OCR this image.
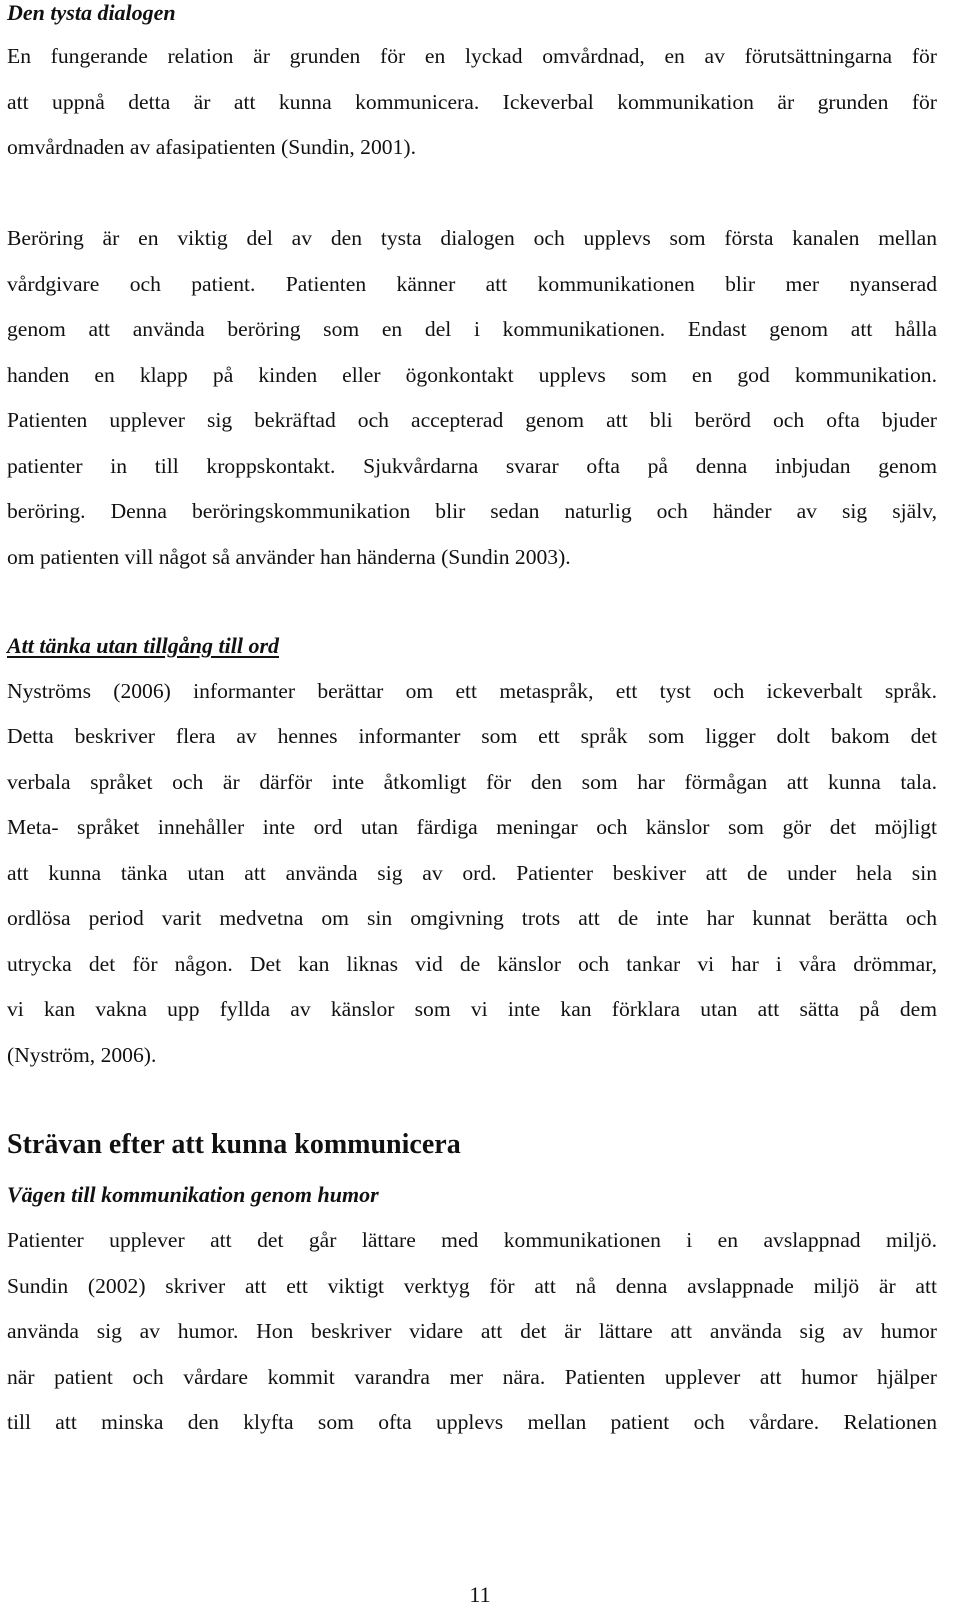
Den tysta dialogen
En fungerande relation är grunden för en lyckad omvårdnad, en av förutsättningarna för
att uppnå detta är att kunna kommunicera. Ickeverbal kommunikation är grunden för
omvårdnaden av afasipatienten (Sundin, 2001).
Beröring är en viktig del av den tysta dialogen och upplevs som första kanalen mellan
vårdgivare och patient. Patienten känner att kommunikationen blir mer nyanserad
genom att använda beröring som en del i kommunikationen. Endast genom att hålla
handen en klapp på kinden eller ögonkontakt upplevs som en god kommunikation.
Patienten upplever sig bekräftad och accepterad genom att bli berörd och ofta bjuder
patienter in till kroppskontakt. Sjukvårdarna svarar ofta på denna inbjudan genom
beröring. Denna beröringskommunikation blir sedan naturlig och händer av sig själv,
om patienten vill något så använder han händerna (Sundin 2003).
Att tänka utan tillgång till ord
Nyströms (2006) informanter berättar om ett metaspråk, ett tyst och ickeverbalt språk.
Detta beskriver flera av hennes informanter som ett språk som ligger dolt bakom det
verbala språket och är därför inte åtkomligt för den som har förmågan att kunna tala.
Meta- språket innehåller inte ord utan färdiga meningar och känslor som gör det möjligt
att kunna tänka utan att använda sig av ord. Patienter beskiver att de under hela sin
ordlösa period varit medvetna om sin omgivning trots att de inte har kunnat berätta och
utrycka det för någon. Det kan liknas vid de känslor och tankar vi har i våra drömmar,
vi kan vakna upp fyllda av känslor som vi inte kan förklara utan att sätta på dem
(Nyström, 2006).
Strävan efter att kunna kommunicera
Vägen till kommunikation genom humor
Patienter upplever att det går lättare med kommunikationen i en avslappnad miljö.
Sundin (2002) skriver att ett viktigt verktyg för att nå denna avslappnade miljö är att
använda sig av humor. Hon beskriver vidare att det är lättare att använda sig av humor
när patient och vårdare kommit varandra mer nära. Patienten upplever att humor hjälper
till att minska den klyfta som ofta upplevs mellan patient och vårdare. Relationen
11
